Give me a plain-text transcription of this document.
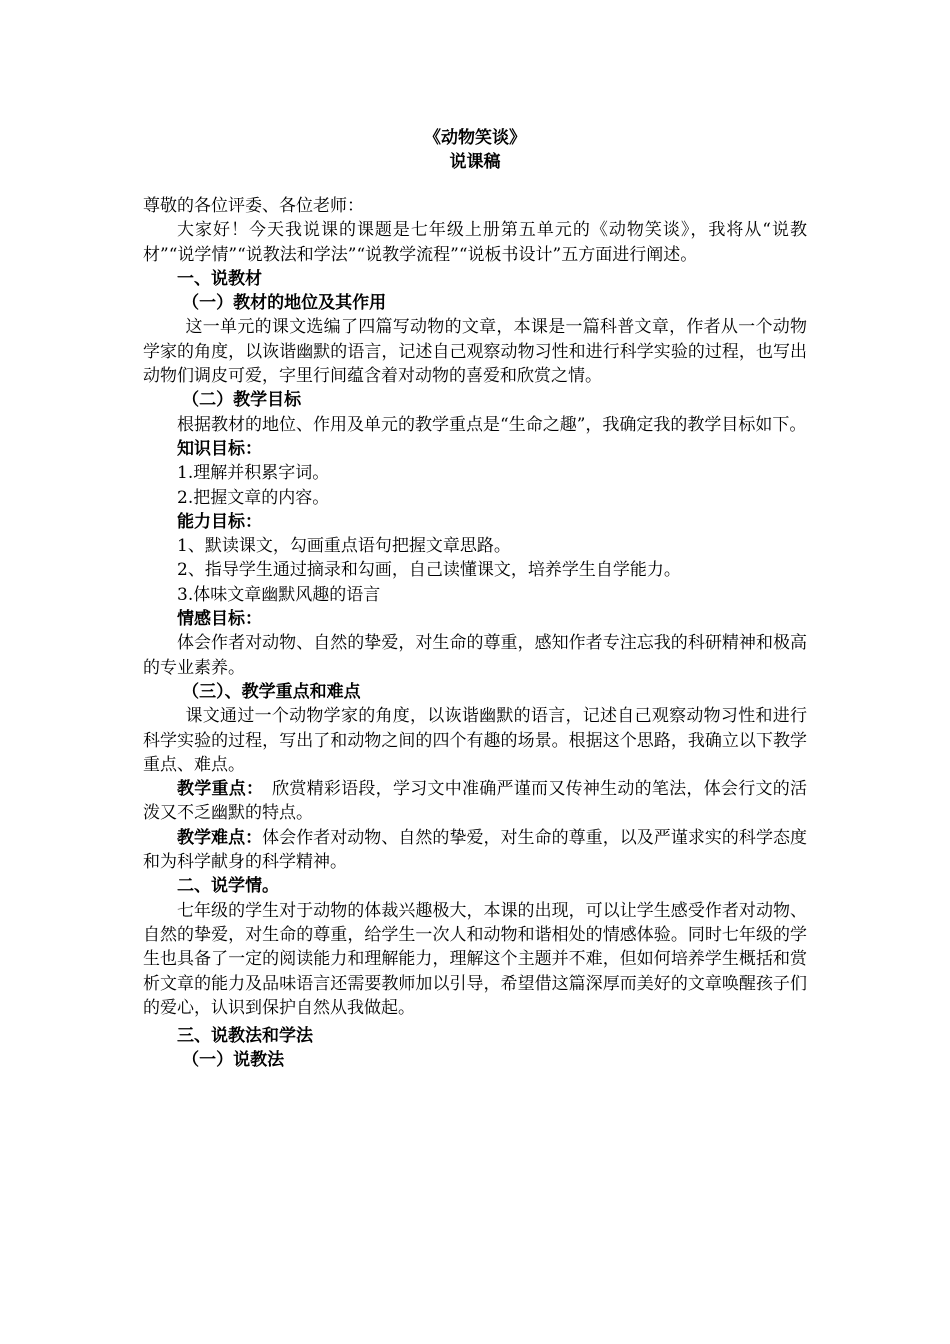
《动物笑谈》
说课稿

尊敬的各位评委、各位老师：

大家好！今天我说课的课题是七年级上册第五单元的《动物笑谈》，我将从“说教材”“说学情”“说教法和学法”“说教学流程”“说板书设计”五方面进行阐述。

一、说教材

（一）教材的地位及其作用

这一单元的课文选编了四篇写动物的文章，本课是一篇科普文章，作者从一个动物学家的角度，以诙谐幽默的语言，记述自己观察动物习性和进行科学实验的过程，也写出动物们调皮可爱，字里行间蕴含着对动物的喜爱和欣赏之情。

（二）教学目标

根据教材的地位、作用及单元的教学重点是“生命之趣”，我确定我的教学目标如下。

知识目标：

1.理解并积累字词。

2.把握文章的内容。

能力目标：

1、默读课文，勾画重点语句把握文章思路。

2、指导学生通过摘录和勾画，自己读懂课文，培养学生自学能力。

3.体味文章幽默风趣的语言

情感目标：

体会作者对动物、自然的挚爱，对生命的尊重，感知作者专注忘我的科研精神和极高的专业素养。

（三）、教学重点和难点

课文通过一个动物学家的角度，以诙谐幽默的语言，记述自己观察动物习性和进行科学实验的过程，写出了和动物之间的四个有趣的场景。根据这个思路，我确立以下教学重点、难点。

教学重点：　欣赏精彩语段，学习文中准确严谨而又传神生动的笔法，体会行文的活泼又不乏幽默的特点。

教学难点：体会作者对动物、自然的挚爱，对生命的尊重，以及严谨求实的科学态度和为科学献身的科学精神。

二、说学情。

七年级的学生对于动物的体裁兴趣极大，本课的出现，可以让学生感受作者对动物、自然的挚爱，对生命的尊重，给学生一次人和动物和谐相处的情感体验。同时七年级的学生也具备了一定的阅读能力和理解能力，理解这个主题并不难，但如何培养学生概括和赏析文章的能力及品味语言还需要教师加以引导，希望借这篇深厚而美好的文章唤醒孩子们的爱心，认识到保护自然从我做起。

三、说教法和学法

（一）说教法
